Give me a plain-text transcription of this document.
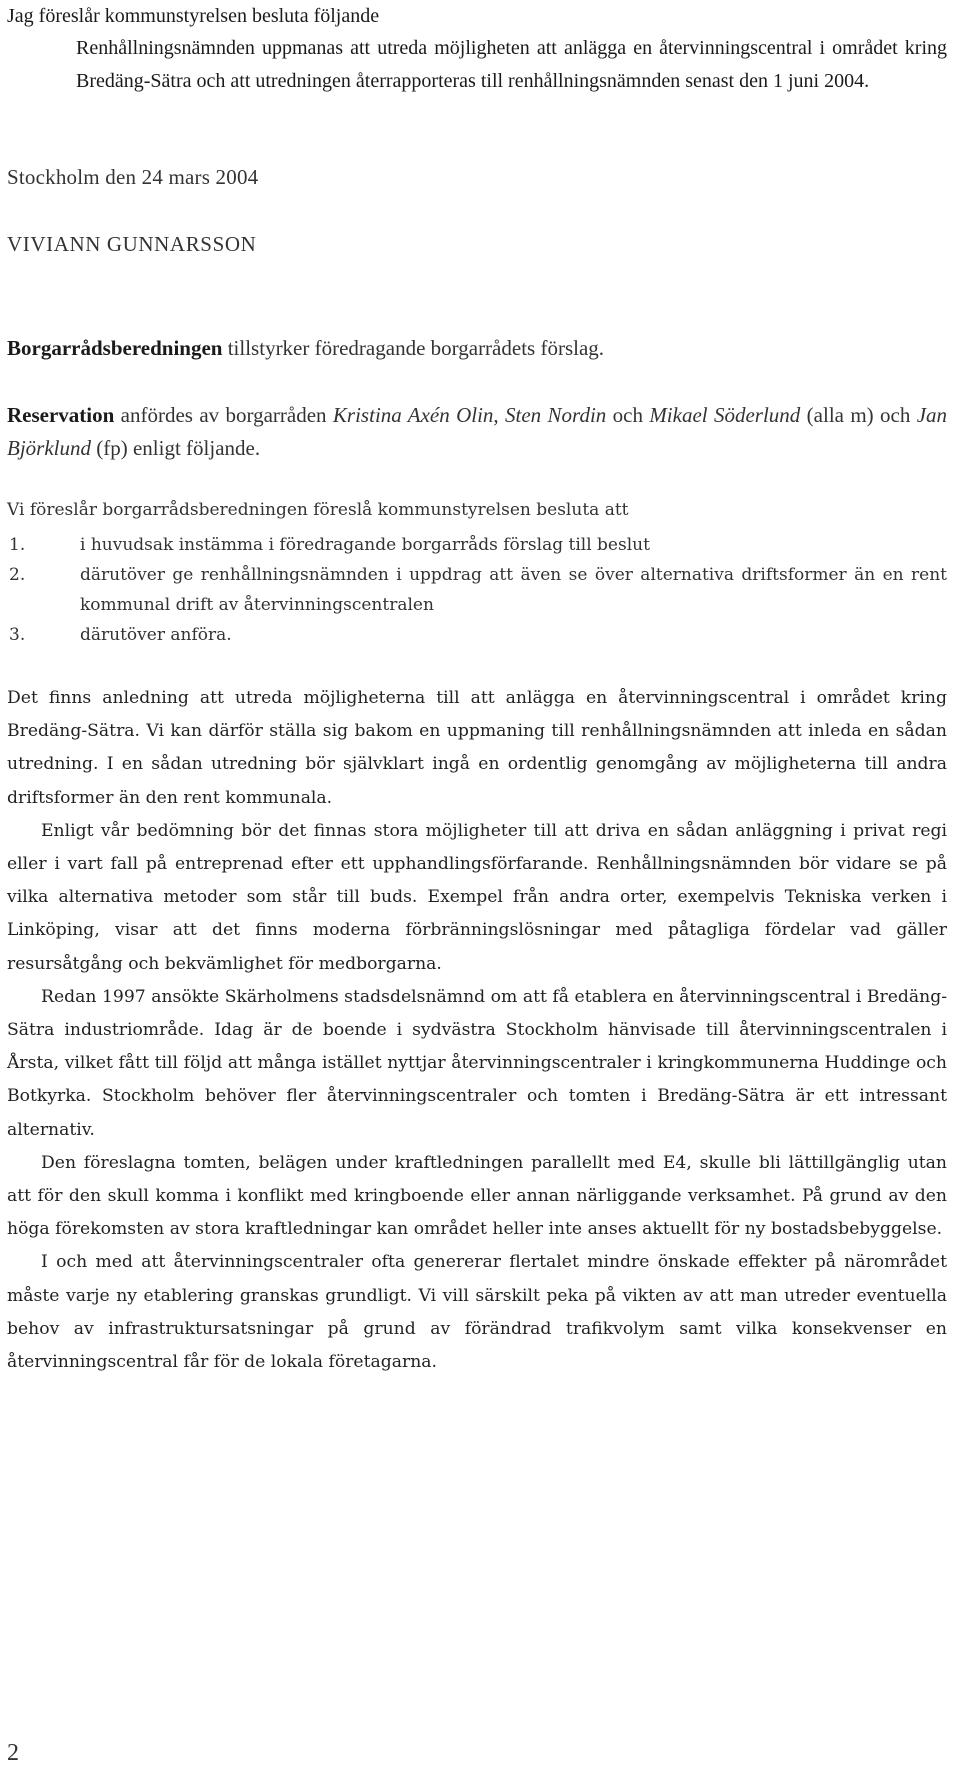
Jag föreslår kommunstyrelsen besluta följande
Renhållningsnämnden uppmanas att utreda möjligheten att anlägga en återvinningscentral i området kring Bredäng-Sätra och att utredningen återrapporteras till renhållningsnämnden senast den 1 juni 2004.
Stockholm den 24 mars 2004
VIVIANN GUNNARSSON
Borgarrådsberedningen tillstyrker föredragande borgarrådets förslag.
Reservation anfördes av borgarråden Kristina Axén Olin, Sten Nordin och Mikael Söderlund (alla m) och Jan Björklund (fp) enligt följande.
Vi föreslår borgarrådsberedningen föreslå kommunstyrelsen besluta att
1.	i huvudsak instämma i föredragande borgarråds förslag till beslut
2.	därutöver ge renhållningsnämnden i uppdrag att även se över alternativa driftsformer än en rent kommunal drift av återvinningscentralen
3.	därutöver anföra.

Det finns anledning att utreda möjligheterna till att anlägga en återvinningscentral i området kring Bredäng-Sätra. Vi kan därför ställa sig bakom en uppmaning till renhållningsnämnden att inleda en sådan utredning. I en sådan utredning bör självklart ingå en ordentlig genomgång av möjligheterna till andra driftsformer än den rent kommunala.

Enligt vår bedömning bör det finnas stora möjligheter till att driva en sådan anläggning i privat regi eller i vart fall på entreprenad efter ett upphandlingsförfarande. Renhållningsnämnden bör vidare se på vilka alternativa metoder som står till buds. Exempel från andra orter, exempelvis Tekniska verken i Linköping, visar att det finns moderna förbränningslösningar med påtagliga fördelar vad gäller resursåtgång och bekvämlighet för medborgarna.

Redan 1997 ansökte Skärholmens stadsdelsnämnd om att få etablera en återvinningscentral i Bredäng-Sätra industriområde. Idag är de boende i sydvästra Stockholm hänvisade till återvinningscentralen i Årsta, vilket fått till följd att många istället nyttjar återvinningscentraler i kringkommunerna Huddinge och Botkyrka. Stockholm behöver fler återvinningscentraler och tomten i Bredäng-Sätra är ett intressant alternativ.

Den föreslagna tomten, belägen under kraftledningen parallellt med E4, skulle bli lättillgänglig utan att för den skull komma i konflikt med kringboende eller annan närliggande verksamhet. På grund av den höga förekomsten av stora kraftledningar kan området heller inte anses aktuellt för ny bostadsbebyggelse.

I och med att återvinningscentraler ofta genererar flertalet mindre önskade effekter på närområdet måste varje ny etablering granskas grundligt. Vi vill särskilt peka på vikten av att man utreder eventuella behov av infrastruktursatsningar på grund av förändrad trafikvolym samt vilka konsekvenser en återvinningscentral får för de lokala företagarna.

2
